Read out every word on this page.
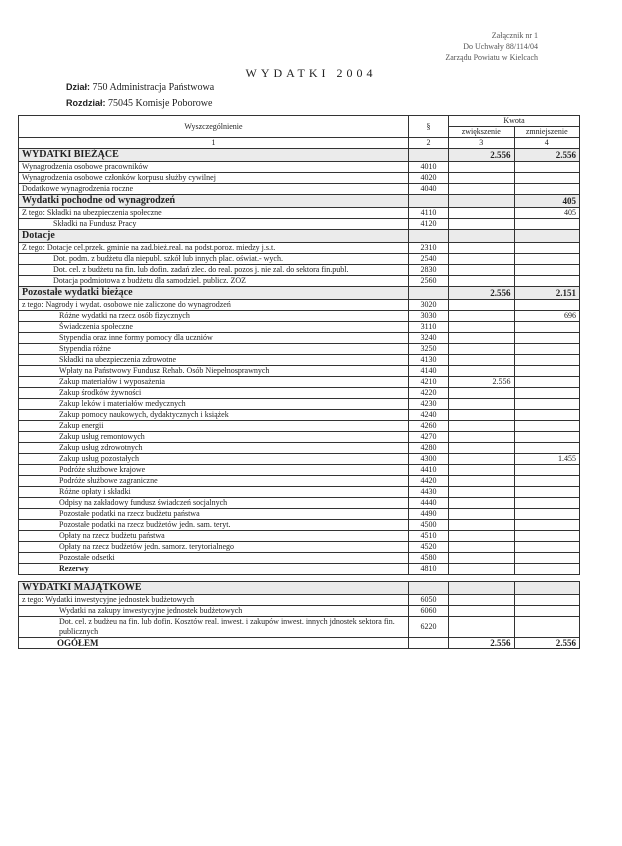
Załącznik nr 1
Do Uchwały 88/114/04
Zarządu Powiatu w Kielcach
WYDATKI 2004
Dział: 750 Administracja Państwowa
Rozdział: 75045 Komisje Poborowe
Wyszczególnienie	§	Kwota	
		zwiększenie	zmniejszenie
1	2	3	4
WYDATKI BIEŻĄCE		2.556	2.556
Wynagrodzenia osobowe pracowników	4010		
Wynagrodzenia osobowe członków korpusu służby cywilnej	4020		
Dodatkowe wynagrodzenia roczne	4040		
Wydatki pochodne od wynagrodzeń			405
Z tego: Składki na ubezpieczenia społeczne	4110		405
Składki na Fundusz Pracy	4120		
Dotacje			
Z tego: Dotacje cel.przek. gminie na zad.bież.real. na podst.poroz. miedzy j.s.t.	2310		
Dot. podm. z budżetu dla niepubl. szkół lub innych plac. oświat.- wych.	2540		
Dot. cel. z budżetu na fin. lub dofin. zadań zlec. do real. pozos j. nie zal. do sektora fin.publ.	2830		
Dotacja podmiotowa z budżetu dla samodziel. publicz. ZOZ	2560		
Pozostałe wydatki bieżące		2.556	2.151
z tego: Nagrody i wydat. osobowe nie zaliczone do wynagrodzeń	3020		
Różne wydatki na rzecz osób fizycznych	3030		696
Świadczenia społeczne	3110		
Stypendia oraz inne formy pomocy dla uczniów	3240		
Stypendia różne	3250		
Składki na ubezpieczenia zdrowotne	4130		
Wpłaty na Państwowy Fundusz Rehab. Osób Niepełnosprawnych	4140		
Zakup materiałów i wyposażenia	4210	2.556	
Zakup środków żywności	4220		
Zakup leków i materiałów medycznych	4230		
Zakup pomocy naukowych, dydaktycznych i książek	4240		
Zakup energii	4260		
Zakup usług remontowych	4270		
Zakup usług zdrowotnych	4280		
Zakup usług pozostałych	4300		1.455
Podróże służbowe krajowe	4410		
Podróże służbowe zagraniczne	4420		
Różne opłaty i składki	4430		
Odpisy na zakładowy fundusz świadczeń socjalnych	4440		
Pozostałe podatki na rzecz budżetu państwa	4490		
Pozostałe podatki na rzecz budżetów jedn. sam. teryt.	4500		
Opłaty na rzecz budżetu państwa	4510		
Opłaty na rzecz budżetów jedn. samorz. terytorialnego	4520		
Pozostałe odsetki	4580		
Rezerwy	4810		

WYDATKI MAJĄTKOWE			
z tego: Wydatki inwestycyjne jednostek budżetowych	6050		
Wydatki na zakupy inwestycyjne jednostek budżetowych	6060		
Dot. cel. z budżeu na fin. lub dofin. Kosztów real. inwest. i zakupów inwest. innych jdnostek sektora fin. publicznych	6220		
OGÓŁEM		2.556	2.556
